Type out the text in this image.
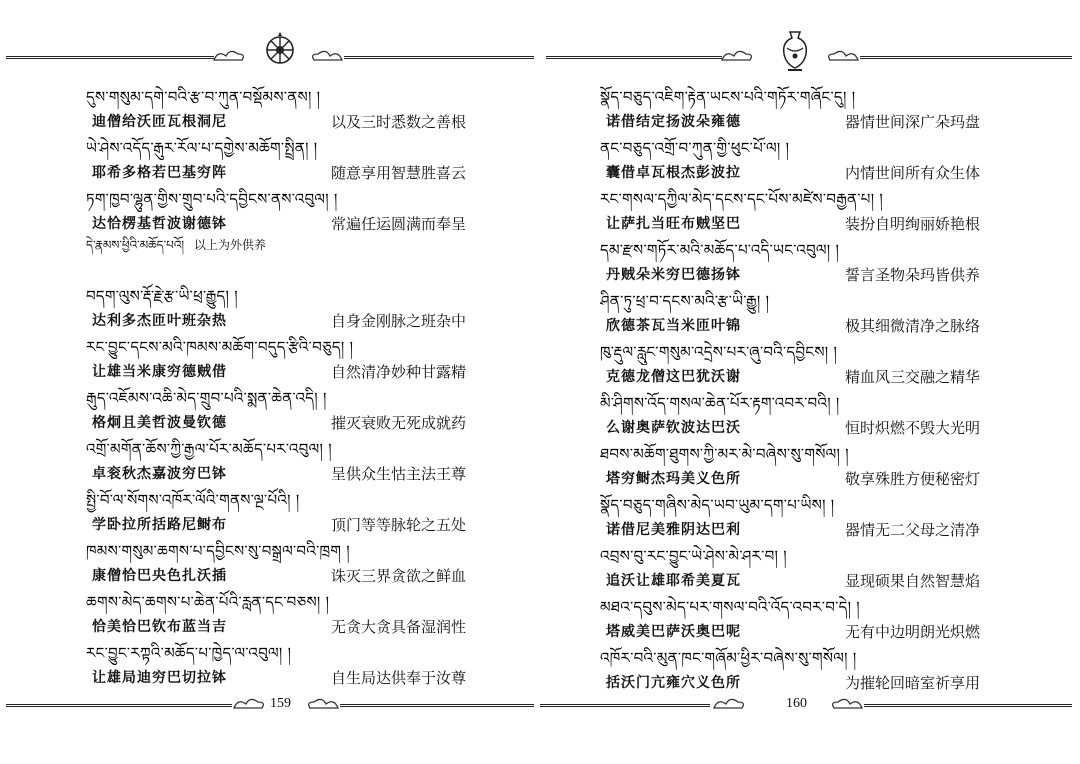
དུས་གསུམ་དགེ་བའི་རྩ་བ་ཀུན་བསྡོམས་ནས། །
迪僧给沃匝瓦根洞尼	以及三时悉数之善根
ཡེ་ཤེས་འདོད་རྒུར་རོལ་པ་དགྱེས་མཆོག་སྤྲིན། །
耶希多格若巴基穷阵	随意享用智慧胜喜云
ཏག་ཁྱབ་ལྷུན་གྱིས་གྲུབ་པའི་དབྱིངས་ནས་འབུལ། །
达恰楞基哲波谢德钵	常遍任运圆满而奉呈
དེ་རྣམས་ཕྱིའི་མཆོད་པའོ། 以上为外供养
བདག་ལུས་རྡོ་རྗེ་རྩ་ཡི་ཕྲ་རྒྱུད། །
达利多杰匝叶班杂热	自身金刚脉之班杂中
རང་བྱུང་དངས་མའི་ཁམས་མཆོག་བདུད་རྩིའི་བཅུད། །
让雄当米康穷德贼借	自然清净妙种甘露精
རྒུད་འཇོམས་འཆི་མེད་གྲུབ་པའི་སྨན་ཆེན་འདི། །
格炯且美哲波曼钦德	摧灭衰败无死成就药
འགྲོ་མགོན་ཆོས་ཀྱི་རྒྱལ་པོར་མཆོད་པར་འབུལ། །
卓衮秋杰嘉波穷巴钵	呈供众生怙主法王尊
སྤྱི་བོ་ལ་སོགས་འཁོར་ལོའི་གནས་ལྔ་པོའི། །
学卧拉所括路尼鲥布	顶门等等脉轮之五处
ཁམས་གསུམ་ཆགས་པ་དབྱིངས་སུ་བསྒྲལ་བའི་ཁྲག །
康僧恰巴央色扎沃插	诛灭三界贪欲之鲜血
ཆགས་མེད་ཆགས་པ་ཆེན་པོའི་རླན་དང་བཅས། །
恰美恰巴钦布蓝当吉	无贪大贪具备湿润性
རང་བྱུང་རཀྟའི་མཆོད་པ་ཁྱེད་ལ་འབུལ། །
让雄局迪穷巴切拉钵	自生局达供奉于汝尊
159
སྣོད་བཅུད་འཇིག་རྟེན་ཡངས་པའི་གཏོར་གཞོང་དུ། །
诺借结定扬波朵雍德	器情世间深广朵玛盘
ནང་བཅུད་འགྲོ་བ་ཀུན་གྱི་ཕུང་པོ་ལ། །
囊借卓瓦根杰彭波拉	内情世间所有众生体
རང་གསལ་དཀྱིལ་མེད་དངས་དང་པོས་མཛེས་བརྒྱན་པ། །
让萨扎当旺布贼坚巴	装扮自明绚丽娇艳根
དམ་རྫས་གཏོར་མའི་མཆོད་པ་འདི་ཡང་འབུལ། །
丹贼朵米穷巴德扬钵	誓言圣物朵玛皆供养
ཤིན་ཏུ་ཕྲ་བ་དངས་མའི་རྩ་ཡི་རྒྱུ། །
欣德茶瓦当米匝叶锦	极其细微清净之脉络
ཁུ་རྡུལ་རླུང་གསུམ་འདྲེས་པར་ཞུ་བའི་དབྱིངས། །
克德龙僧这巴犹沃谢	精血风三交融之精华
མི་ཤིགས་འོད་གསལ་ཆེན་པོར་རྟག་འབར་བའི། །
么谢奥萨钦波达巴沃	恒时炽燃不毁大光明
ཐབས་མཆོག་ཐུགས་ཀྱི་མར་མེ་བཞེས་སུ་གསོལ། །
塔穷鲥杰玛美义色所	敬享殊胜方便秘密灯
སྣོད་བཅུད་གཞིས་མེད་ཡབ་ཡུམ་དག་པ་ཡིས། །
诺借尼美雅阴达巴利	器情无二父母之清净
འབྲས་བུ་རང་བྱུང་ཡེ་ཤེས་མེ་ཤར་བ། །
追沃让雄耶希美夏瓦	显现硕果自然智慧焰
མཐའ་དབུས་མེད་པར་གསལ་བའི་འོད་འབར་བ་དེ། །
塔威美巴萨沃奥巴呢	无有中边明朗光炽燃
འཁོར་བའི་མུན་ཁང་གཞོམ་ཕྱིར་བཞེས་སུ་གསོལ། །
括沃门亢雍穴义色所	为摧轮回暗室祈享用
160
